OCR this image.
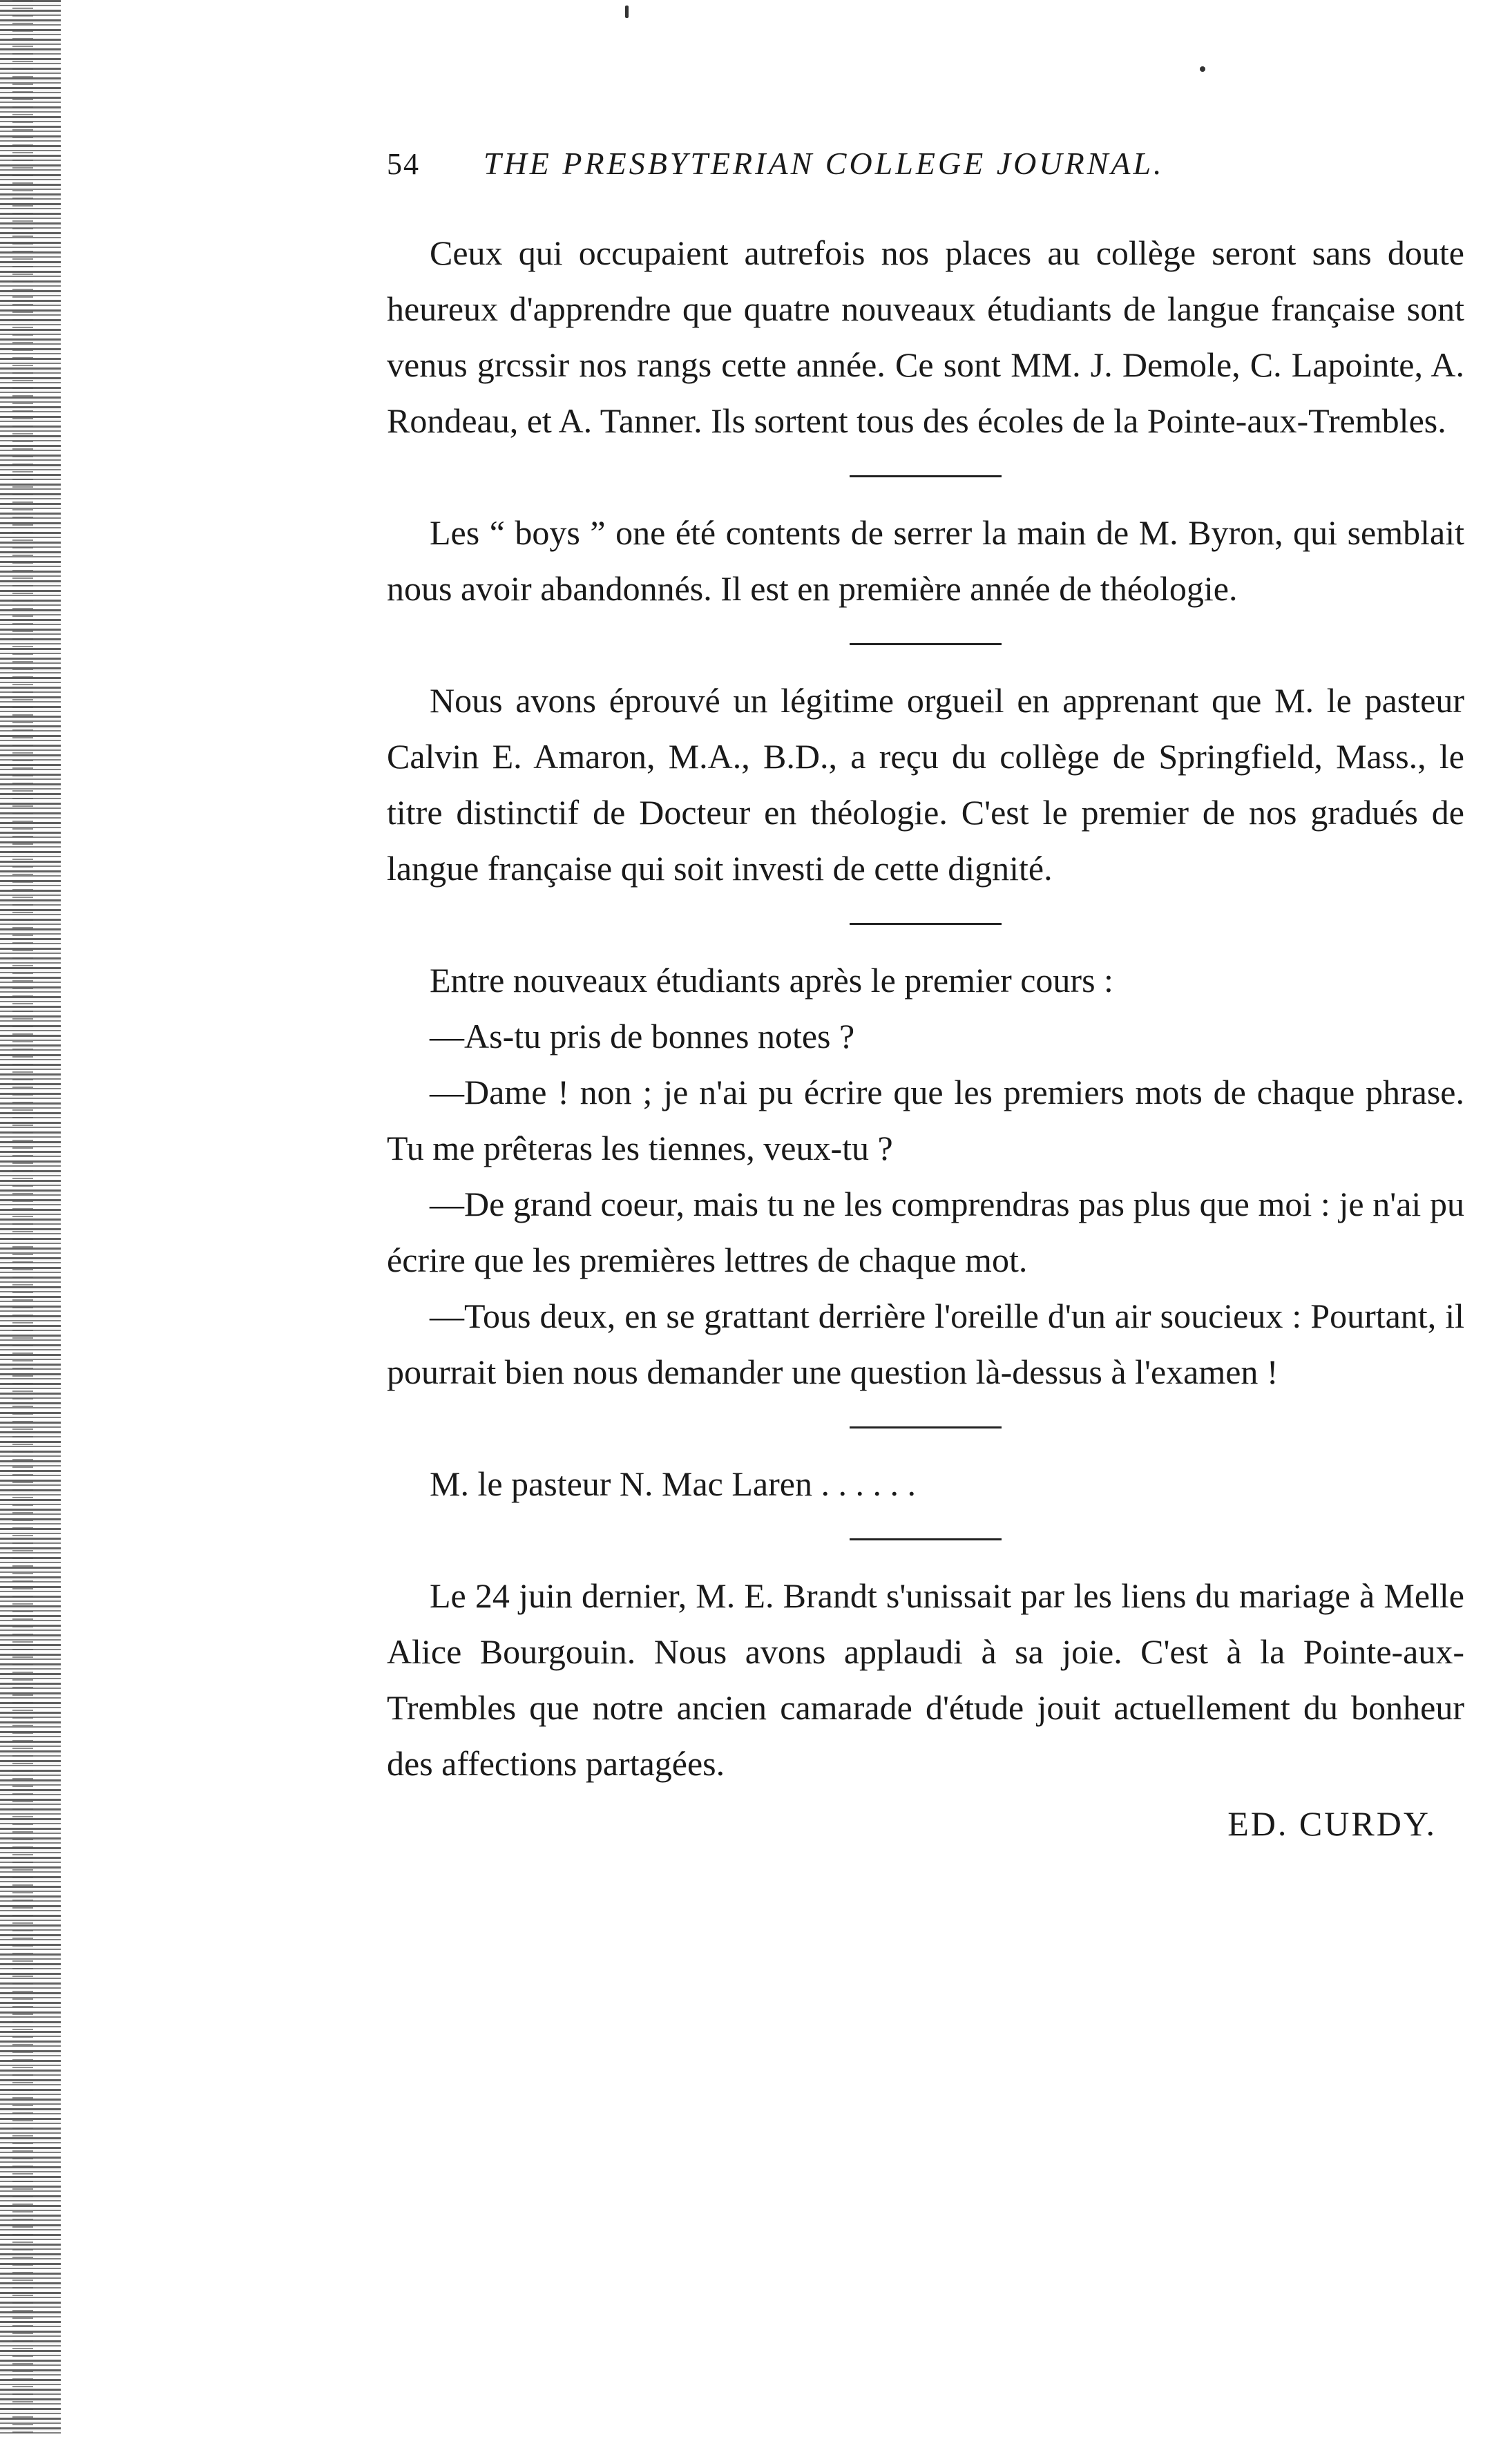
54	THE PRESBYTERIAN COLLEGE JOURNAL.

Ceux qui occupaient autrefois nos places au collège seront sans doute heureux d'apprendre que quatre nouveaux étudiants de langue française sont venus grcssir nos rangs cette année. Ce sont MM. J. Demole, C. Lapointe, A. Rondeau, et A. Tanner. Ils sortent tous des écoles de la Pointe-aux-Trembles.

Les “ boys ” one été contents de serrer la main de M. Byron, qui semblait nous avoir abandonnés. Il est en première année de théologie.

Nous avons éprouvé un légitime orgueil en apprenant que M. le pasteur Calvin E. Amaron, M.A., B.D., a reçu du collège de Springfield, Mass., le titre distinctif de Docteur en théologie. C'est le premier de nos gradués de langue française qui soit investi de cette dignité.

Entre nouveaux étudiants après le premier cours :

—As-tu pris de bonnes notes ?

—Dame ! non ; je n'ai pu écrire que les premiers mots de chaque phrase. Tu me prêteras les tiennes, veux-tu ?

—De grand coeur, mais tu ne les comprendras pas plus que moi : je n'ai pu écrire que les premières lettres de chaque mot.

—Tous deux, en se grattant derrière l'oreille d'un air soucieux : Pourtant, il pourrait bien nous demander une question là-dessus à l'examen !

M. le pasteur N. Mac Laren . . . . . .

Le 24 juin dernier, M. E. Brandt s'unissait par les liens du mariage à Melle Alice Bourgouin. Nous avons applaudi à sa joie. C'est à la Pointe-aux-Trembles que notre ancien camarade d'étude jouit actuellement du bonheur des affections partagées.

ED. CURDY.
